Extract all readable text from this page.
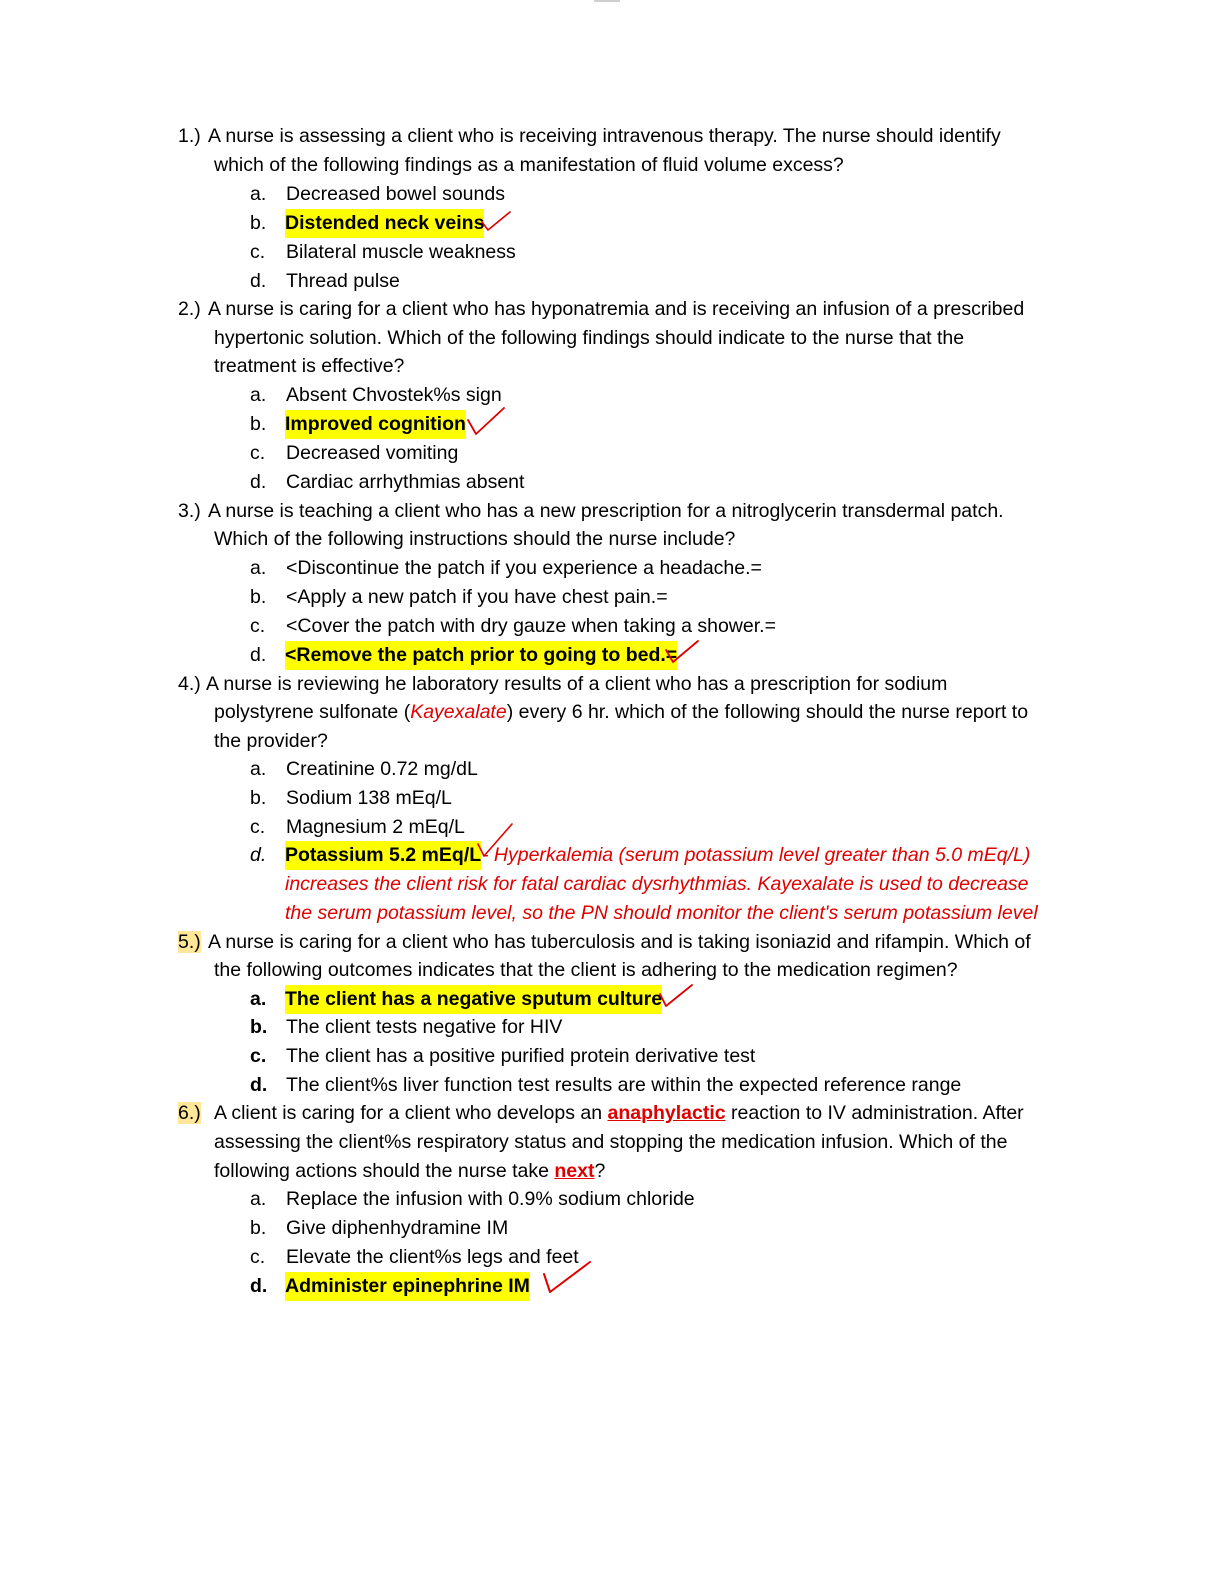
1.) A nurse is assessing a client who is receiving intravenous therapy. The nurse should identify
which of the following findings as a manifestation of fluid volume excess?
a. Decreased bowel sounds
b. Distended neck veins
c. Bilateral muscle weakness
d. Thread pulse
2.) A nurse is caring for a client who has hyponatremia and is receiving an infusion of a prescribed
hypertonic solution. Which of the following findings should indicate to the nurse that the
treatment is effective?
a. Absent Chvostek%s sign
b. Improved cognition
c. Decreased vomiting
d. Cardiac arrhythmias absent
3.) A nurse is teaching a client who has a new prescription for a nitroglycerin transdermal patch.
Which of the following instructions should the nurse include?
a. <Discontinue the patch if you experience a headache.=
b. <Apply a new patch if you have chest pain.=
c. <Cover the patch with dry gauze when taking a shower.=
d. <Remove the patch prior to going to bed.=
4.) A nurse is reviewing he laboratory results of a client who has a prescription for sodium
polystyrene sulfonate (Kayexalate) every 6 hr. which of the following should the nurse report to
the provider?
a. Creatinine 0.72 mg/dL
b. Sodium 138 mEq/L
c. Magnesium 2 mEq/L
d. Potassium 5.2 mEq/L - Hyperkalemia (serum potassium level greater than 5.0 mEq/L)
increases the client risk for fatal cardiac dysrhythmias. Kayexalate is used to decrease
the serum potassium level, so the PN should monitor the client's serum potassium level
5.) A nurse is caring for a client who has tuberculosis and is taking isoniazid and rifampin. Which of
the following outcomes indicates that the client is adhering to the medication regimen?
a. The client has a negative sputum culture
b. The client tests negative for HIV
c. The client has a positive purified protein derivative test
d. The client%s liver function test results are within the expected reference range
6.) A client is caring for a client who develops an anaphylactic reaction to IV administration. After
assessing the client%s respiratory status and stopping the medication infusion. Which of the
following actions should the nurse take next?
a. Replace the infusion with 0.9% sodium chloride
b. Give diphenhydramine IM
c. Elevate the client%s legs and feet
d. Administer epinephrine IM
